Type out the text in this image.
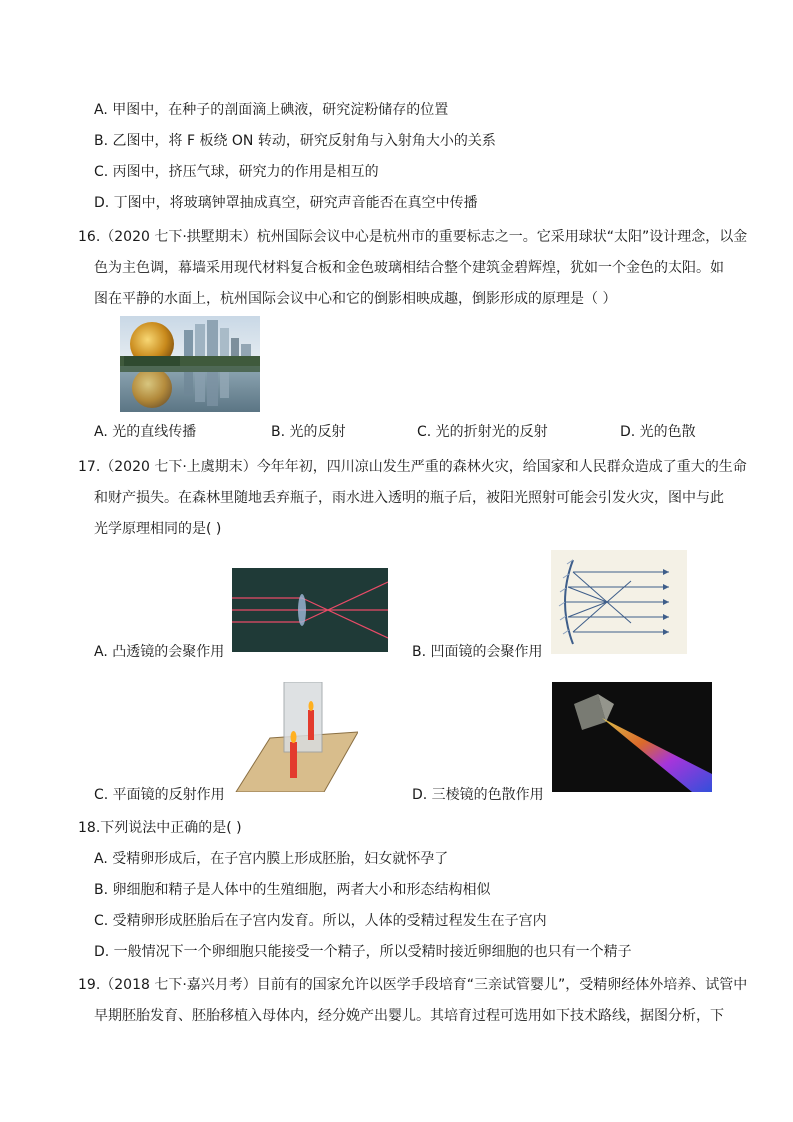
A. 甲图中，在种子的剖面滴上碘液，研究淀粉储存的位置
B. 乙图中，将 F 板绕 ON 转动，研究反射角与入射角大小的关系
C. 丙图中，挤压气球，研究力的作用是相互的
D. 丁图中，将玻璃钟罩抽成真空，研究声音能否在真空中传播
16.（2020 七下·拱墅期末）杭州国际会议中心是杭州市的重要标志之一。它采用球状“太阳”设计理念，以金
色为主色调，幕墙采用现代材料复合板和金色玻璃相结合整个建筑金碧辉煌，犹如一个金色的太阳。如
图在平静的水面上，杭州国际会议中心和它的倒影相映成趣，倒影形成的原理是（ ）
A. 光的直线传播	B. 光的反射	C. 光的折射光的反射	D. 光的色散
17.（2020 七下·上虞期末）今年年初，四川凉山发生严重的森林火灾，给国家和人民群众造成了重大的生命
和财产损失。在森林里随地丢弃瓶子，雨水进入透明的瓶子后，被阳光照射可能会引发火灾，图中与此
光学原理相同的是( )
A. 凸透镜的会聚作用	B. 凹面镜的会聚作用
C. 平面镜的反射作用	D. 三棱镜的色散作用
18.下列说法中正确的是( )
A. 受精卵形成后，在子宫内膜上形成胚胎，妇女就怀孕了
B. 卵细胞和精子是人体中的生殖细胞，两者大小和形态结构相似
C. 受精卵形成胚胎后在子宫内发育。所以，人体的受精过程发生在子宫内
D. 一般情况下一个卵细胞只能接受一个精子，所以受精时接近卵细胞的也只有一个精子
19.（2018 七下·嘉兴月考）目前有的国家允许以医学手段培育“三亲试管婴儿”，受精卵经体外培养、试管中
早期胚胎发育、胚胎移植入母体内，经分娩产出婴儿。其培育过程可选用如下技术路线，据图分析，下
